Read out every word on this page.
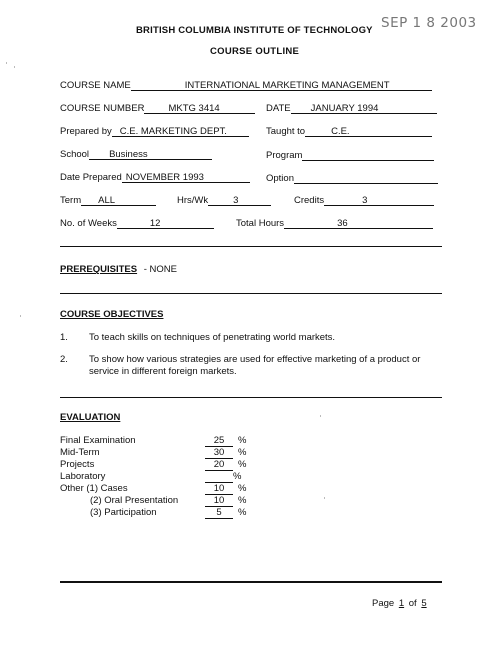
BRITISH COLUMBIA INSTITUTE OF TECHNOLOGY SEP 1 8 2003
COURSE OUTLINE
COURSE NAME	INTERNATIONAL MARKETING MANAGEMENT
COURSE NUMBER	MKTG 3414	DATE JANUARY 1994
Prepared by C.E. MARKETING DEPT.	Taught to	C.E.
School Business	Program
Date Prepared NOVEMBER 1993	Option
Term ALL	Hrs/Wk	3	Credits	3
No. of Weeks	12	Total Hours	36
PREREQUISITES - NONE
COURSE OBJECTIVES
1. To teach skills on techniques of penetrating world markets.
2. To show how various strategies are used for effective marketing of a product or service in different foreign markets.
EVALUATION
Final Examination	25	%
Mid-Term	30	%
Projects	20	%
Laboratory	%
Other (1) Cases	10	%
(2) Oral Presentation	10	%
(3) Participation	5	%
Page 1 of 5
